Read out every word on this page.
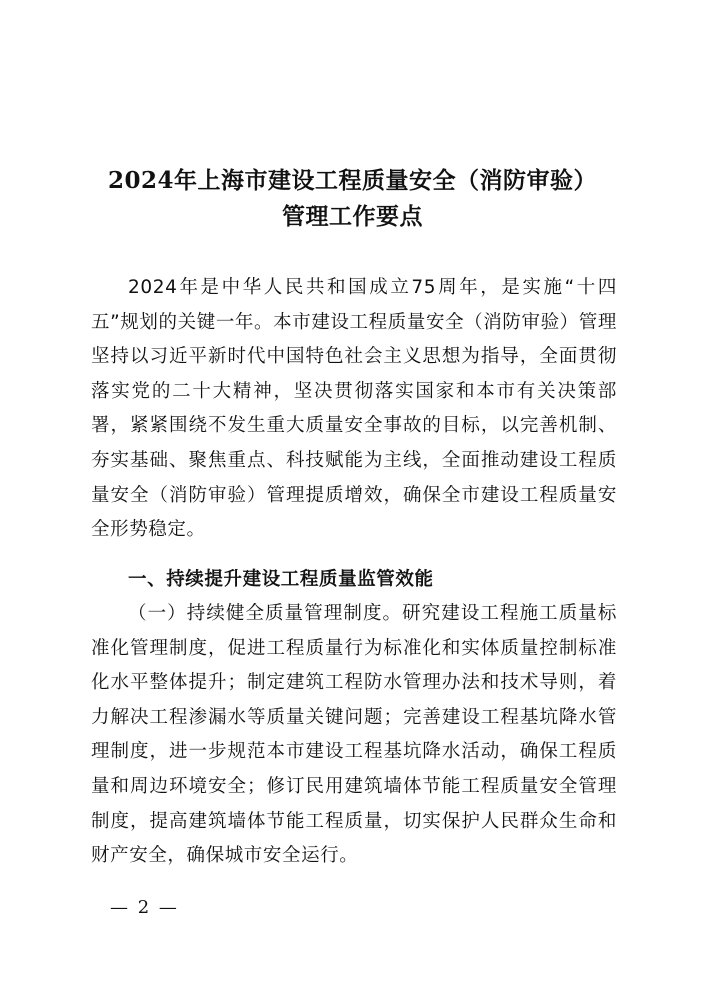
2024年上海市建设工程质量安全（消防审验）
管理工作要点

2024年是中华人民共和国成立75周年，是实施“十四五”规划的关键一年。本市建设工程质量安全（消防审验）管理坚持以习近平新时代中国特色社会主义思想为指导，全面贯彻落实党的二十大精神，坚决贯彻落实国家和本市有关决策部署，紧紧围绕不发生重大质量安全事故的目标，以完善机制、夯实基础、聚焦重点、科技赋能为主线，全面推动建设工程质量安全（消防审验）管理提质增效，确保全市建设工程质量安全形势稳定。

一、持续提升建设工程质量监管效能

（一）持续健全质量管理制度。研究建设工程施工质量标准化管理制度，促进工程质量行为标准化和实体质量控制标准化水平整体提升；制定建筑工程防水管理办法和技术导则，着力解决工程渗漏水等质量关键问题；完善建设工程基坑降水管理制度，进一步规范本市建设工程基坑降水活动，确保工程质量和周边环境安全；修订民用建筑墙体节能工程质量安全管理制度，提高建筑墙体节能工程质量，切实保护人民群众生命和财产安全，确保城市安全运行。

— 2 —
